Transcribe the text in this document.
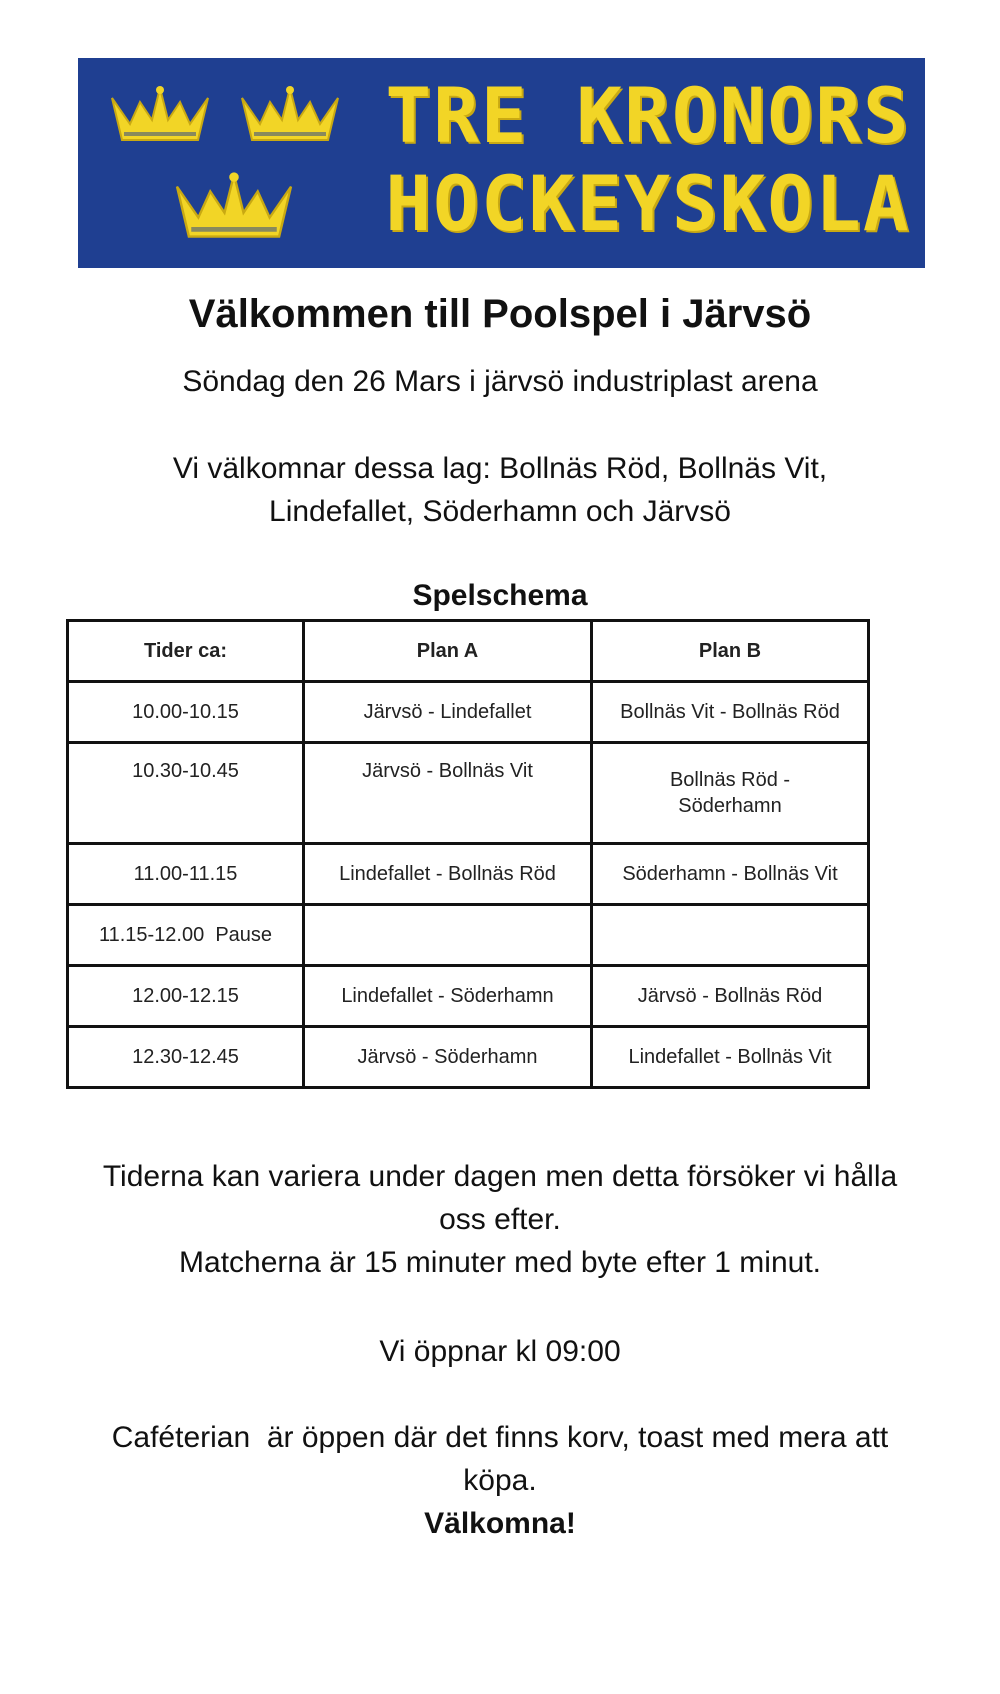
TRE KRONORS
HOCKEYSKOLA
Välkommen till Poolspel i Järvsö
Söndag den 26 Mars i järvsö industriplast arena
Vi välkomnar dessa lag: Bollnäs Röd, Bollnäs Vit,
Lindefallet, Söderhamn och Järvsö
Spelschema
Tider ca:	Plan A	Plan B
10.00-10.15	Järvsö - Lindefallet	Bollnäs Vit - Bollnäs Röd
10.30-10.45	Järvsö - Bollnäs Vit	Bollnäs Röd - Söderhamn

11.00-11.15	Lindefallet - Bollnäs Röd	Söderhamn - Bollnäs Vit
11.15-12.00  Pause		
12.00-12.15	Lindefallet - Söderhamn	Järvsö - Bollnäs Röd
12.30-12.45	Järvsö - Söderhamn	Lindefallet - Bollnäs Vit
Tiderna kan variera under dagen men detta försöker vi hålla
oss efter.
Matcherna är 15 minuter med byte efter 1 minut.
Vi öppnar kl 09:00
Caféterian  är öppen där det finns korv, toast med mera att
köpa.
Välkomna!
